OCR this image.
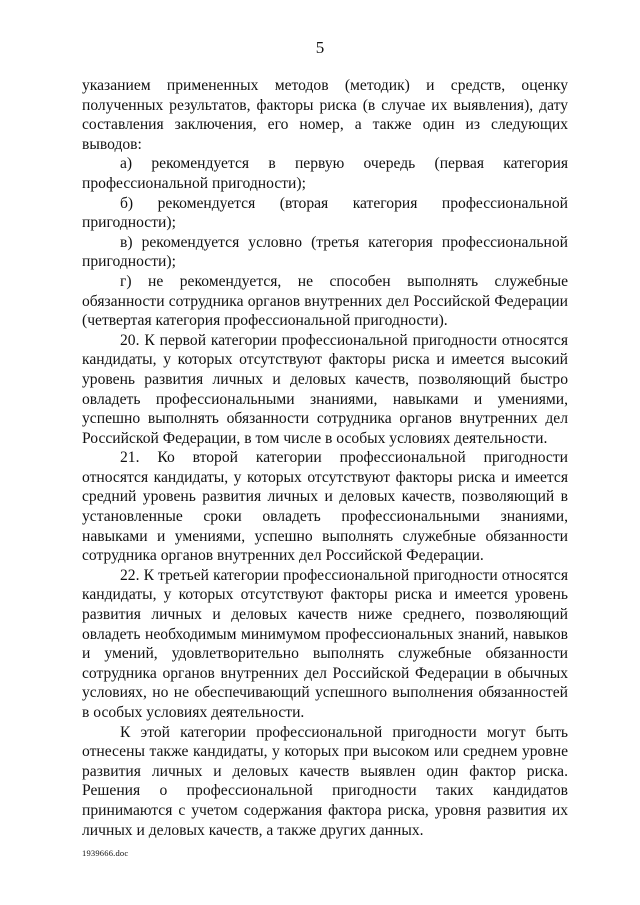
5

указанием примененных методов (методик) и средств, оценку полученных результатов, факторы риска (в случае их выявления), дату составления заключения, его номер, а также один из следующих выводов:

а) рекомендуется в первую очередь (первая категория профессиональной пригодности);

б) рекомендуется (вторая категория профессиональной пригодности);

в) рекомендуется условно (третья категория профессиональной пригодности);

г) не рекомендуется, не способен выполнять служебные обязанности сотрудника органов внутренних дел Российской Федерации (четвертая категория профессиональной пригодности).

20. К первой категории профессиональной пригодности относятся кандидаты, у которых отсутствуют факторы риска и имеется высокий уровень развития личных и деловых качеств, позволяющий быстро овладеть профессиональными знаниями, навыками и умениями, успешно выполнять обязанности сотрудника органов внутренних дел Российской Федерации, в том числе в особых условиях деятельности.

21. Ко второй категории профессиональной пригодности относятся кандидаты, у которых отсутствуют факторы риска и имеется средний уровень развития личных и деловых качеств, позволяющий в установленные сроки овладеть профессиональными знаниями, навыками и умениями, успешно выполнять служебные обязанности сотрудника органов внутренних дел Российской Федерации.

22. К третьей категории профессиональной пригодности относятся кандидаты, у которых отсутствуют факторы риска и имеется уровень развития личных и деловых качеств ниже среднего, позволяющий овладеть необходимым минимумом профессиональных знаний, навыков и умений, удовлетворительно выполнять служебные обязанности сотрудника органов внутренних дел Российской Федерации в обычных условиях, но не обеспечивающий успешного выполнения обязанностей в особых условиях деятельности.

К этой категории профессиональной пригодности могут быть отнесены также кандидаты, у которых при высоком или среднем уровне развития личных и деловых качеств выявлен один фактор риска. Решения о профессиональной пригодности таких кандидатов принимаются с учетом содержания фактора риска, уровня развития их личных и деловых качеств, а также других данных.

1939666.doc
